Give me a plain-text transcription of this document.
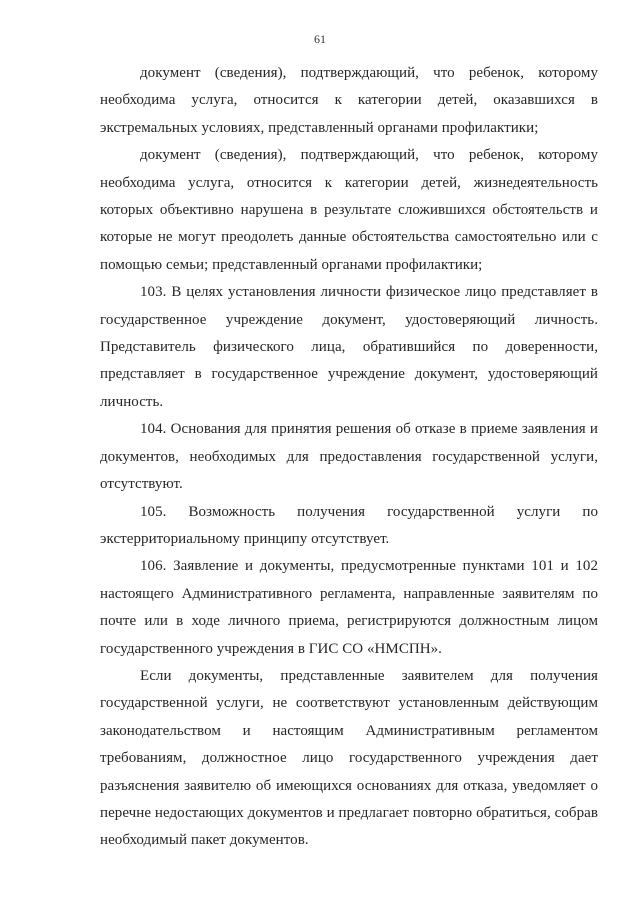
61

документ (сведения), подтверждающий, что ребенок, которому необходима услуга, относится к категории детей, оказавшихся в экстремальных условиях, представленный органами профилактики;

документ (сведения), подтверждающий, что ребенок, которому необходима услуга, относится к категории детей, жизнедеятельность которых объективно нарушена в результате сложившихся обстоятельств и которые не могут преодолеть данные обстоятельства самостоятельно или с помощью семьи; представленный органами профилактики;

103. В целях установления личности физическое лицо представляет в государственное учреждение документ, удостоверяющий личность. Представитель физического лица, обратившийся по доверенности, представляет в государственное учреждение документ, удостоверяющий личность.

104. Основания для принятия решения об отказе в приеме заявления и документов, необходимых для предоставления государственной услуги, отсутствуют.

105. Возможность получения государственной услуги по экстерриториальному принципу отсутствует.

106. Заявление и документы, предусмотренные пунктами 101 и 102 настоящего Административного регламента, направленные заявителям по почте или в ходе личного приема, регистрируются должностным лицом государственного учреждения в ГИС СО «НМСПН».

Если документы, представленные заявителем для получения государственной услуги, не соответствуют установленным действующим законодательством и настоящим Административным регламентом требованиям, должностное лицо государственного учреждения дает разъяснения заявителю об имеющихся основаниях для отказа, уведомляет о перечне недостающих документов и предлагает повторно обратиться, собрав необходимый пакет документов.
